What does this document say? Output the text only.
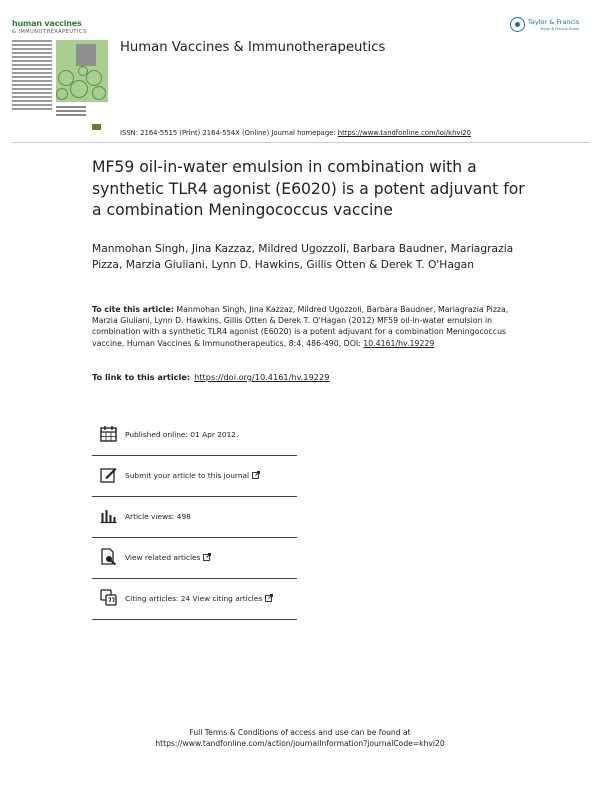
human vaccines
& IMMUNOTHERAPEUTICS
Human Vaccines & Immunotherapeutics
Taylor & Francis
Taylor & Francis Group
ISSN: 2164-5515 (Print) 2164-554X (Online) Journal homepage: https://www.tandfonline.com/loi/khvi20
MF59 oil-in-water emulsion in combination with a synthetic TLR4 agonist (E6020) is a potent adjuvant for a combination Meningococcus vaccine
Manmohan Singh, Jina Kazzaz, Mildred Ugozzoli, Barbara Baudner, Mariagrazia Pizza, Marzia Giuliani, Lynn D. Hawkins, Gillis Otten & Derek T. O'Hagan
To cite this article: Manmohan Singh, Jina Kazzaz, Mildred Ugozzoli, Barbara Baudner, Mariagrazia Pizza, Marzia Giuliani, Lynn D. Hawkins, Gillis Otten & Derek T. O'Hagan (2012) MF59 oil-in-water emulsion in combination with a synthetic TLR4 agonist (E6020) is a potent adjuvant for a combination Meningococcus vaccine, Human Vaccines & Immunotherapeutics, 8:4, 486-490, DOI: 10.4161/hv.19229
To link to this article: https://doi.org/10.4161/hv.19229
Published online: 01 Apr 2012.
Submit your article to this journal
Article views: 498
View related articles
Citing articles: 24 View citing articles
Full Terms & Conditions of access and use can be found at
https://www.tandfonline.com/action/journalInformation?journalCode=khvi20
